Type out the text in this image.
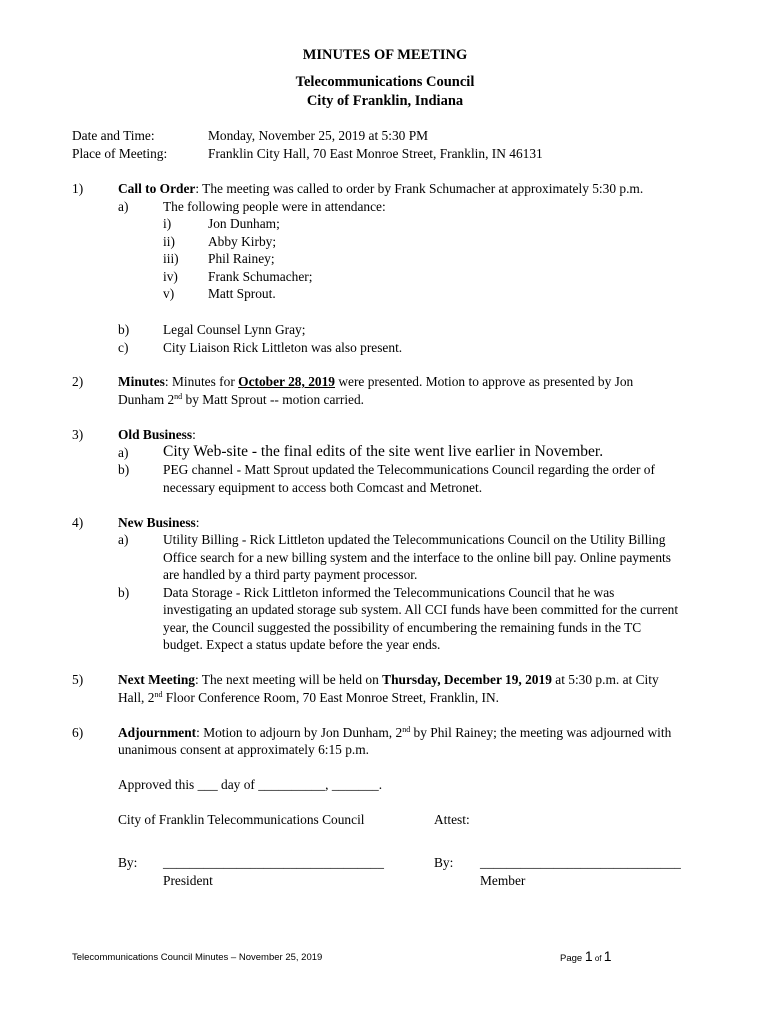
MINUTES OF MEETING
Telecommunications Council
City of Franklin, Indiana
Date and Time:	Monday, November 25, 2019 at 5:30 PM
Place of Meeting:	Franklin City Hall, 70 East Monroe Street, Franklin, IN 46131
1)	Call to Order: The meeting was called to order by Frank Schumacher at approximately 5:30 p.m.
a)	The following people were in attendance:
i)	Jon Dunham;
ii) Abby Kirby;
iii) Phil Rainey;
iv) Frank Schumacher;
v)	Matt Sprout.
b)	Legal Counsel Lynn Gray;
c)	City Liaison Rick Littleton was also present.
2)	Minutes: Minutes for October 28, 2019 were presented. Motion to approve as presented by Jon
Dunham 2nd by Matt Sprout -- motion carried.
3)	Old Business:
a) City Web-site - the final edits of the site went live earlier in November.
b)	PEG channel - Matt Sprout updated the Telecommunications Council regarding the order of
necessary equipment to access both Comcast and Metronet.
4)	New Business:
a)	Utility Billing - Rick Littleton updated the Telecommunications Council on the Utility Billing
Office search for a new billing system and the interface to the online bill pay. Online payments
are handled by a third party payment processor.
b)	Data Storage - Rick Littleton informed the Telecommunications Council that he was
investigating an updated storage sub system. All CCI funds have been committed for the current
year, the Council suggested the possibility of encumbering the remaining funds in the TC
budget. Expect a status update before the year ends.
5)	Next Meeting: The next meeting will be held on Thursday, December 19, 2019 at 5:30 p.m. at City
Hall, 2nd Floor Conference Room, 70 East Monroe Street, Franklin, IN.
6)	Adjournment: Motion to adjourn by Jon Dunham, 2nd by Phil Rainey; the meeting was adjourned with
unanimous consent at approximately 6:15 p.m.
Approved this ___ day of __________, _______.
City of Franklin Telecommunications Council	Attest:
By: _________________________________
President
By: ______________________________
Member
Telecommunications Council Minutes – November 25, 2019	Page 1 of 1
